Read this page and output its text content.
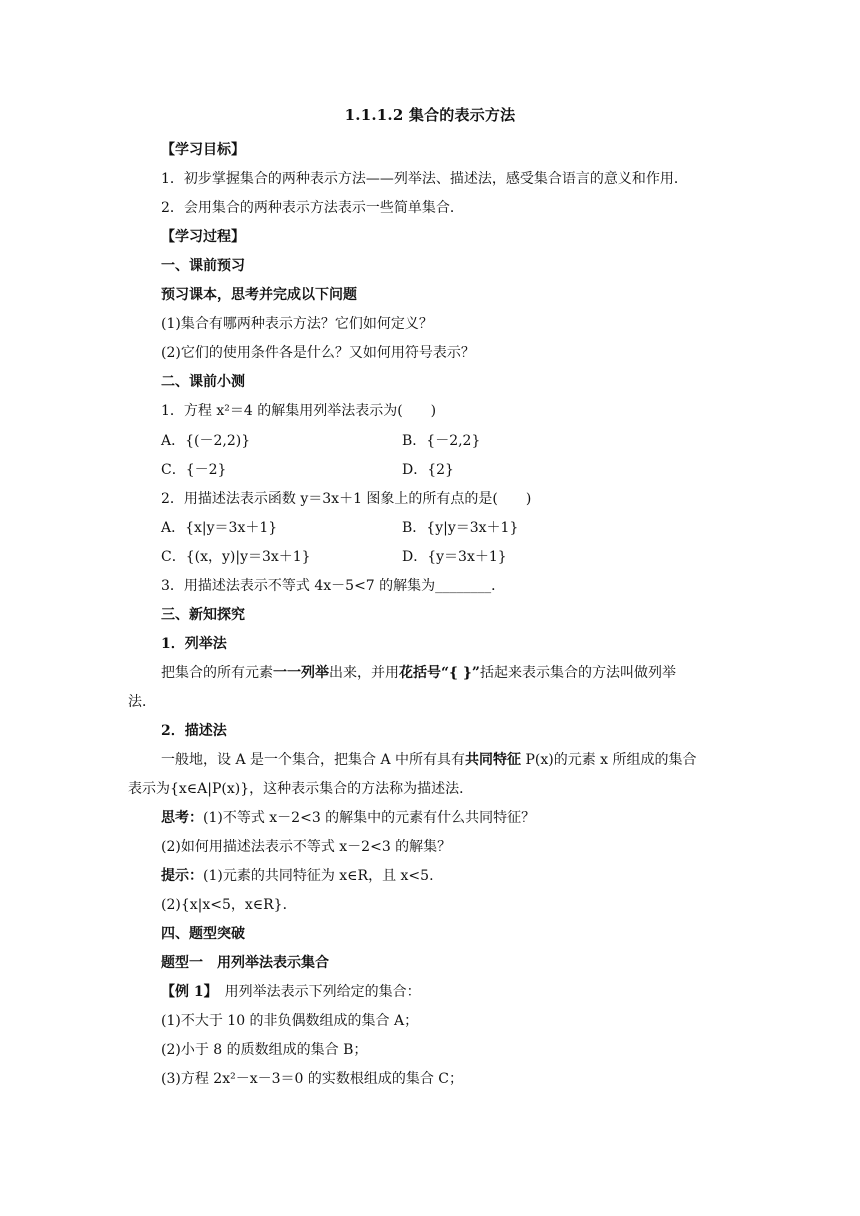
1.1.1.2 集合的表示方法
【学习目标】
1．初步掌握集合的两种表示方法——列举法、描述法，感受集合语言的意义和作用．
2．会用集合的两种表示方法表示一些简单集合．
【学习过程】
一、课前预习
预习课本，思考并完成以下问题
(1)集合有哪两种表示方法？它们如何定义？
(2)它们的使用条件各是什么？又如何用符号表示？
二、课前小测
1．方程 x²＝4 的解集用列举法表示为(　　)
A．{(－2,2)}	B．{－2,2}
C．{－2}	D．{2}
2．用描述法表示函数 y＝3x＋1 图象上的所有点的是(　　)
A．{x|y＝3x＋1}	B．{y|y＝3x＋1}
C．{(x，y)|y＝3x＋1}	D．{y＝3x＋1}
3．用描述法表示不等式 4x－5<7 的解集为________．
三、新知探究
1．列举法
把集合的所有元素一一列举出来，并用花括号“{ }”括起来表示集合的方法叫做列举
法．
2．描述法
一般地，设 A 是一个集合，把集合 A 中所有具有共同特征 P(x)的元素 x 所组成的集合
表示为{x∈A|P(x)}，这种表示集合的方法称为描述法．
思考：(1)不等式 x－2<3 的解集中的元素有什么共同特征？
(2)如何用描述法表示不等式 x－2<3 的解集？
提示：(1)元素的共同特征为 x∈R，且 x<5.
(2){x|x<5，x∈R}．
四、题型突破
题型一　用列举法表示集合
【例 1】　用列举法表示下列给定的集合：
(1)不大于 10 的非负偶数组成的集合 A；
(2)小于 8 的质数组成的集合 B；
(3)方程 2x²－x－3＝0 的实数根组成的集合 C；
